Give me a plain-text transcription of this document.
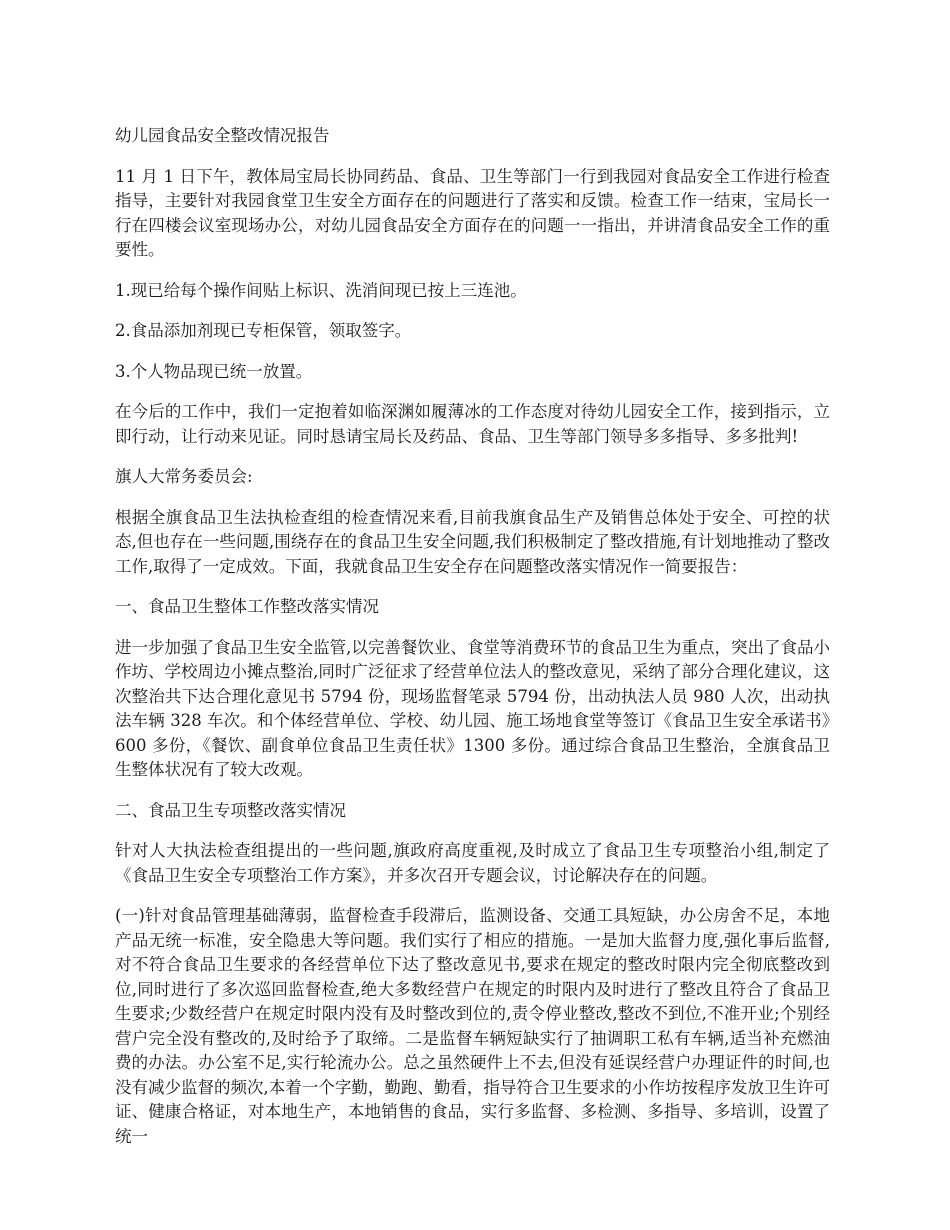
幼儿园食品安全整改情况报告

11 月 1 日下午，教体局宝局长协同药品、食品、卫生等部门一行到我园对食品安全工作进行检查指导，主要针对我园食堂卫生安全方面存在的问题进行了落实和反馈。检查工作一结束，宝局长一行在四楼会议室现场办公，对幼儿园食品安全方面存在的问题一一指出，并讲清食品安全工作的重要性。

1.现已给每个操作间贴上标识、洗消间现已按上三连池。

2.食品添加剂现已专柜保管，领取签字。

3.个人物品现已统一放置。

在今后的工作中，我们一定抱着如临深渊如履薄冰的工作态度对待幼儿园安全工作，接到指示，立即行动，让行动来见证。同时恳请宝局长及药品、食品、卫生等部门领导多多指导、多多批判!

旗人大常务委员会:

根据全旗食品卫生法执检查组的检查情况来看,目前我旗食品生产及销售总体处于安全、可控的状态,但也存在一些问题,围绕存在的食品卫生安全问题,我们积极制定了整改措施,有计划地推动了整改工作,取得了一定成效。下面，我就食品卫生安全存在问题整改落实情况作一简要报告：

一、食品卫生整体工作整改落实情况

进一步加强了食品卫生安全监管,以完善餐饮业、食堂等消费环节的食品卫生为重点，突出了食品小作坊、学校周边小摊点整治,同时广泛征求了经营单位法人的整改意见，采纳了部分合理化建议，这次整治共下达合理化意见书 5794 份，现场监督笔录 5794 份，出动执法人员 980 人次，出动执法车辆 328 车次。和个体经营单位、学校、幼儿园、施工场地食堂等签订《食品卫生安全承诺书》600 多份，《餐饮、副食单位食品卫生责任状》1300 多份。通过综合食品卫生整治，全旗食品卫生整体状况有了较大改观。

二、食品卫生专项整改落实情况

针对人大执法检查组提出的一些问题,旗政府高度重视,及时成立了食品卫生专项整治小组,制定了《食品卫生安全专项整治工作方案》，并多次召开专题会议，讨论解决存在的问题。

(一)针对食品管理基础薄弱，监督检查手段滞后，监测设备、交通工具短缺，办公房舍不足，本地产品无统一标准，安全隐患大等问题。我们实行了相应的措施。一是加大监督力度,强化事后监督,对不符合食品卫生要求的各经营单位下达了整改意见书,要求在规定的整改时限内完全彻底整改到位,同时进行了多次巡回监督检查,绝大多数经营户在规定的时限内及时进行了整改且符合了食品卫生要求;少数经营户在规定时限内没有及时整改到位的,责令停业整改,整改不到位,不准开业;个别经营户完全没有整改的,及时给予了取缔。二是监督车辆短缺实行了抽调职工私有车辆,适当补充燃油费的办法。办公室不足,实行轮流办公。总之虽然硬件上不去,但没有延误经营户办理证件的时间,也没有减少监督的频次,本着一个字勤，勤跑、勤看，指导符合卫生要求的小作坊按程序发放卫生许可证、健康合格证，对本地生产，本地销售的食品，实行多监督、多检测、多指导、多培训，设置了统一
